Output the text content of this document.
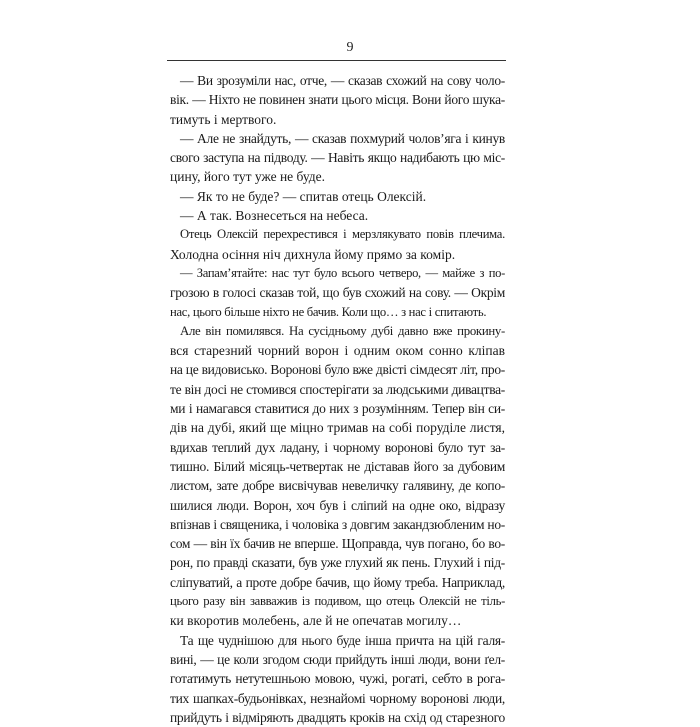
9
— Ви зрозуміли нас, отче, — сказав схожий на сову чоло-
вік. — Ніхто не повинен знати цього місця. Вони його шука-
тимуть і мертвого.
— Але не знайдуть, — сказав похмурий чолов’яга і кинув
свого заступа на підводу. — Навіть якщо надибають цю міс-
цину, його тут уже не буде.
— Як то не буде? — спитав отець Олексій.
— А так. Вознесеться на небеса.
Отець Олексій перехрестився і мерзлякувато повів плечима.
Холодна осіння ніч дихнула йому прямо за комір.
— Запам’ятайте: нас тут було всього четверо, — майже з по-
грозою в голосі сказав той, що був схожий на сову. — Окрім
нас, цього більше ніхто не бачив. Коли що… з нас і спитають.
Але він помилявся. На сусідньому дубі давно вже прокину-
вся старезний чорний ворон і одним оком сонно кліпав
на це видовисько. Воронові було вже двісті сімдесят літ, про-
те він досі не стомився спостерігати за людськими дивацтва-
ми і намагався ставитися до них з розумінням. Тепер він си-
дів на дубі, який ще міцно тримав на собі поруділе листя,
вдихав теплий дух ладану, і чорному воронові було тут за-
тишно. Білий місяць-четвертак не діставав його за дубовим
листом, зате добре висвічував невеличку галявину, де копо-
шилися люди. Ворон, хоч був і сліпий на одне око, відразу
впізнав і священика, і чоловіка з довгим закандзюбленим но-
сом — він їх бачив не вперше. Щоправда, чув погано, бо во-
рон, по правді сказати, був уже глухий як пень. Глухий і під-
сліпуватий, а проте добре бачив, що йому треба. Наприклад,
цього разу він завважив із подивом, що отець Олексій не тіль-
ки вкоротив молебень, але й не опечатав могилу…
Та ще чуднішою для нього буде інша причта на цій галя-
вині, — це коли згодом сюди прийдуть інші люди, вони ґел-
готатимуть нетутешньою мовою, чужі, рогаті, себто в рога-
тих шапках-будьонівках, незнайомі чорному воронові люди,
прийдуть і відміряють двадцять кроків на схід од старезного
